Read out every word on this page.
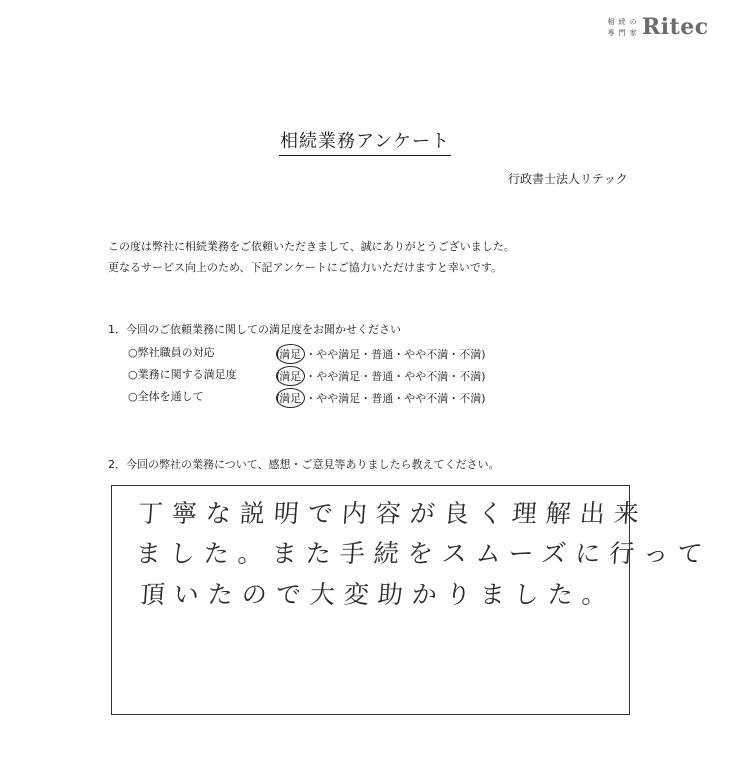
相 続 の
専 門 家 Ritec
相続業務アンケート
行政書士法人リテック
この度は弊社に相続業務をご依頼いただきまして、誠にありがとうございました。
更なるサービス向上のため、下記アンケートにご協力いただけますと幸いです。
1．今回のご依頼業務に関しての満足度をお聞かせください
○弊社職員の対応	(満足 ・やや満足・普通・やや不満・不満)
○業務に関する満足度	(満足 ・やや満足・普通・やや不満・不満)
○全体を通して	(満足 ・やや満足・普通・やや不満・不満)
2．今回の弊社の業務について、感想・ご意見等ありましたら教えてください。
丁寧な説明で内容が良く理解出来
ました。また手続をスムーズに行って
頂いたので大変助かりました。
